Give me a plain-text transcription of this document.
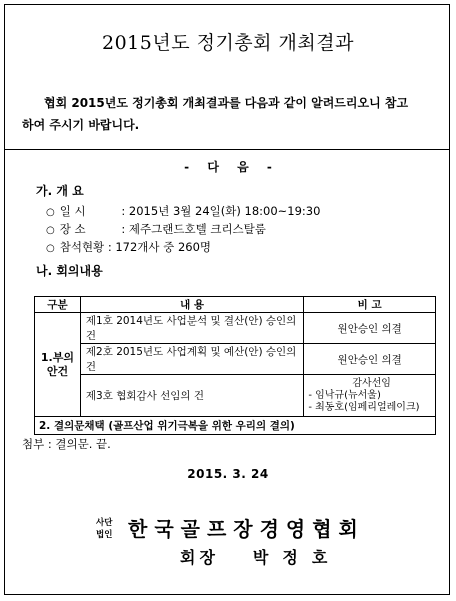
2015년도 정기총회 개최결과
협회 2015년도 정기총회 개최결과를 다음과 같이 알려드리오니 참고
하여 주시기 바랍니다.
- 다 음 -
가. 개 요
○ 일 시	: 2015년 3월 24일(화) 18:00~19:30
○ 장 소	: 제주그랜드호텔 크리스탈룸
○ 참석현황 : 172개사 중 260명
나. 회의내용
구분	내 용	비 고
1.부의
안건	제1호 2014년도 사업분석 및 결산(안) 승인의 건	원안승인 의결
	제2호 2015년도 사업계획 및 예산(안) 승인의 건	원안승인 의결
	제3호 협회감사 선임의 건	감사선임
- 임낙규(뉴서울)
- 최동호(임페리얼레이크)

2. 결의문채택 (골프산업 위기극복을 위한 우리의 결의)		
첨부 : 결의문. 끝.
2015. 3. 24
사단
법인 한국골프장경영협회
회장 박정호
